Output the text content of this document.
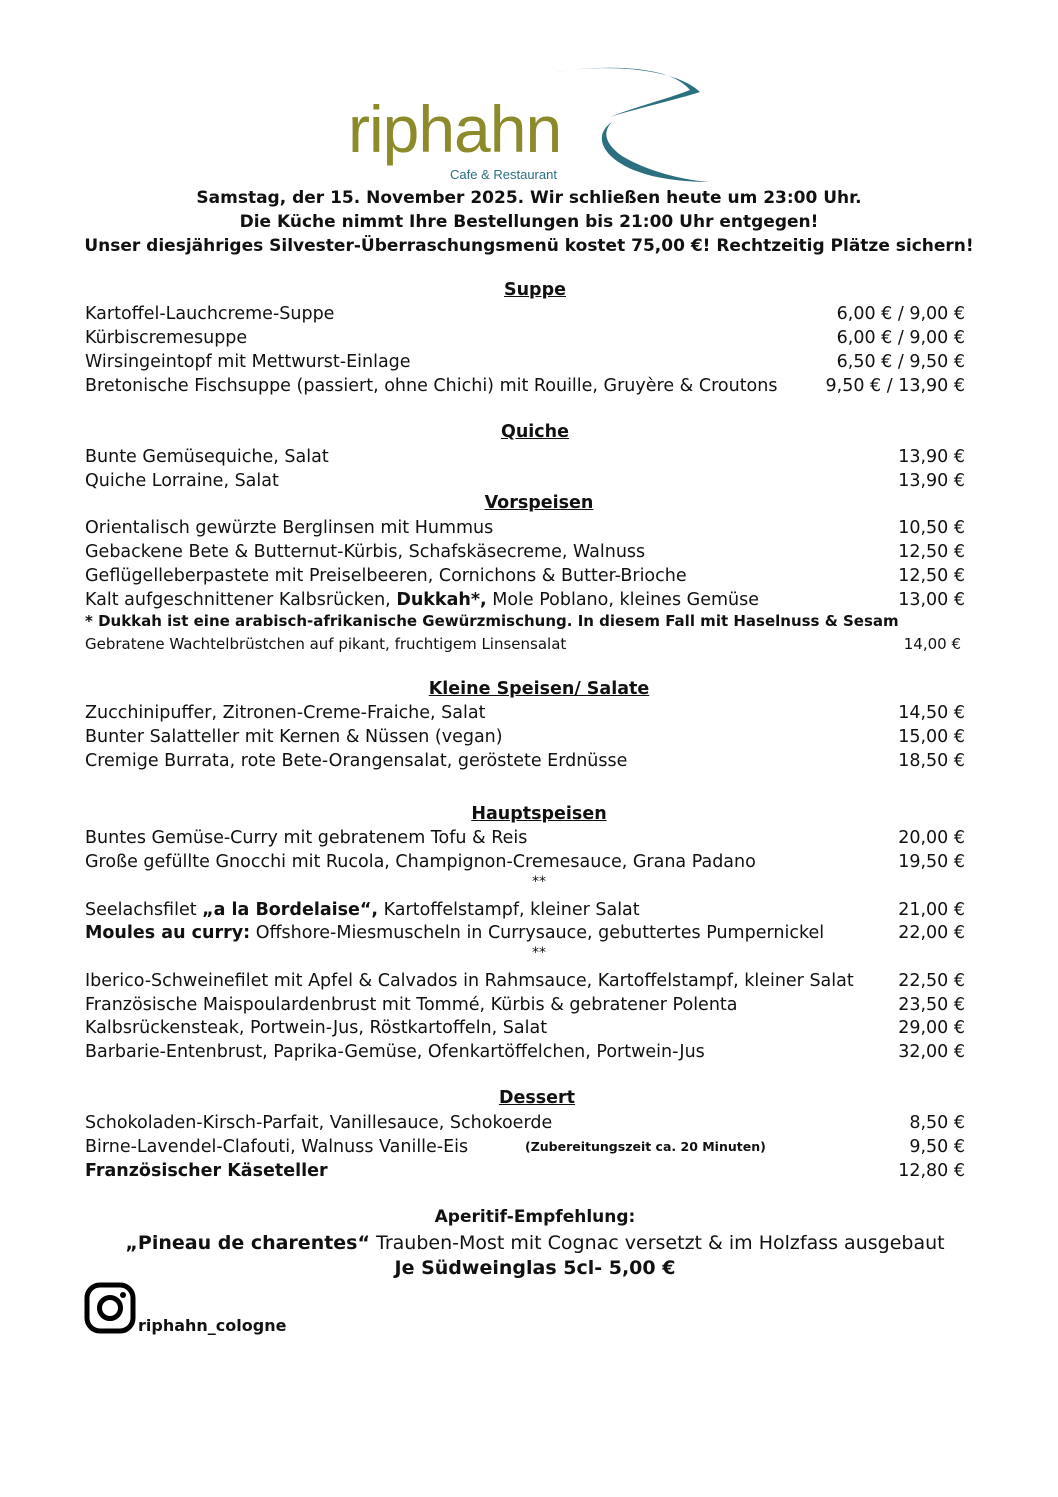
riphahn
Cafe & Restaurant
Samstag, der 15. November 2025. Wir schließen heute um 23:00 Uhr.
Die Küche nimmt Ihre Bestellungen bis 21:00 Uhr entgegen!
Unser diesjähriges Silvester-Überraschungsmenü kostet 75,00 €! Rechtzeitig Plätze sichern!
Suppe
Kartoffel-Lauchcreme-Suppe	6,00 € / 9,00 €
Kürbiscremesuppe	6,00 € / 9,00 €
Wirsingeintopf mit Mettwurst-Einlage	6,50 € / 9,50 €
Bretonische Fischsuppe (passiert, ohne Chichi) mit Rouille, Gruyère & Croutons	9,50 € / 13,90 €
Quiche
Bunte Gemüsequiche, Salat	13,90 €
Quiche Lorraine, Salat	13,90 €
Vorspeisen
Orientalisch gewürzte Berglinsen mit Hummus	10,50 €
Gebackene Bete & Butternut-Kürbis, Schafskäsecreme, Walnuss	12,50 €
Geflügelleberpastete mit Preiselbeeren, Cornichons & Butter-Brioche	12,50 €
Kalt aufgeschnittener Kalbsrücken, Dukkah*, Mole Poblano, kleines Gemüse	13,00 €
* Dukkah ist eine arabisch-afrikanische Gewürzmischung. In diesem Fall mit Haselnuss & Sesam
Gebratene Wachtelbrüstchen auf pikant, fruchtigem Linsensalat	14,00 €
Kleine Speisen/ Salate
Zucchinipuffer, Zitronen-Creme-Fraiche, Salat	14,50 €
Bunter Salatteller mit Kernen & Nüssen (vegan)	15,00 €
Cremige Burrata, rote Bete-Orangensalat, geröstete Erdnüsse	18,50 €
Hauptspeisen
Buntes Gemüse-Curry mit gebratenem Tofu & Reis	20,00 €
Große gefüllte Gnocchi mit Rucola, Champignon-Cremesauce, Grana Padano	19,50 €
**
Seelachsfilet „a la Bordelaise“, Kartoffelstampf, kleiner Salat	21,00 €
Moules au curry: Offshore-Miesmuscheln in Currysauce, gebuttertes Pumpernickel	22,00 €
**
Iberico-Schweinefilet mit Apfel & Calvados in Rahmsauce, Kartoffelstampf, kleiner Salat	22,50 €
Französische Maispoulardenbrust mit Tommé, Kürbis & gebratener Polenta	23,50 €
Kalbsrückensteak, Portwein-Jus, Röstkartoffeln, Salat	29,00 €
Barbarie-Entenbrust, Paprika-Gemüse, Ofenkartöffelchen, Portwein-Jus	32,00 €
Dessert
Schokoladen-Kirsch-Parfait, Vanillesauce, Schokoerde	8,50 €
Birne-Lavendel-Clafouti, Walnuss Vanille-Eis	(Zubereitungszeit ca. 20 Minuten)	9,50 €
Französischer Käseteller	12,80 €
Aperitif-Empfehlung:
„Pineau de charentes“ Trauben-Most mit Cognac versetzt & im Holzfass ausgebaut
Je Südweinglas 5cl- 5,00 €
riphahn_cologne
